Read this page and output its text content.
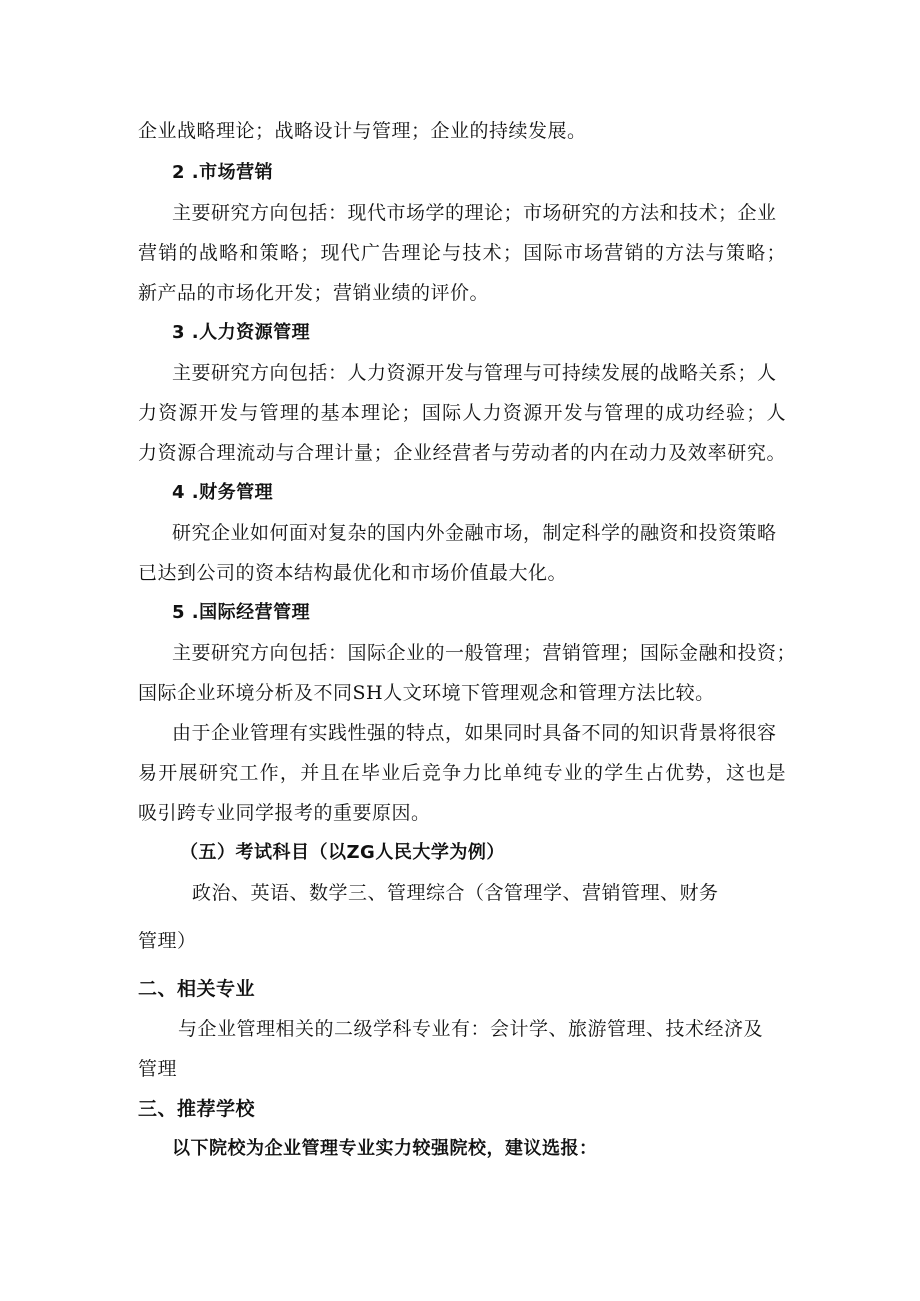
企业战略理论；战略设计与管理；企业的持续发展。
2 .市场营销
主要研究方向包括：现代市场学的理论；市场研究的方法和技术；企业
营销的战略和策略；现代广告理论与技术；国际市场营销的方法与策略；
新产品的市场化开发；营销业绩的评价。
3 .人力资源管理
主要研究方向包括：人力资源开发与管理与可持续发展的战略关系；人
力资源开发与管理的基本理论；国际人力资源开发与管理的成功经验；人
力资源合理流动与合理计量；企业经营者与劳动者的内在动力及效率研究。
4 .财务管理
研究企业如何面对复杂的国内外金融市场，制定科学的融资和投资策略
已达到公司的资本结构最优化和市场价值最大化。
5 .国际经营管理
主要研究方向包括：国际企业的一般管理；营销管理；国际金融和投资；
国际企业环境分析及不同SH人文环境下管理观念和管理方法比较。
由于企业管理有实践性强的特点，如果同时具备不同的知识背景将很容
易开展研究工作，并且在毕业后竞争力比单纯专业的学生占优势，这也是
吸引跨专业同学报考的重要原因。
（五）考试科目（以ZG人民大学为例）
政治、英语、数学三、管理综合（含管理学、营销管理、财务
管理）
二、相关专业
与企业管理相关的二级学科专业有：会计学、旅游管理、技术经济及
管理
三、推荐学校
以下院校为企业管理专业实力较强院校，建议选报：
